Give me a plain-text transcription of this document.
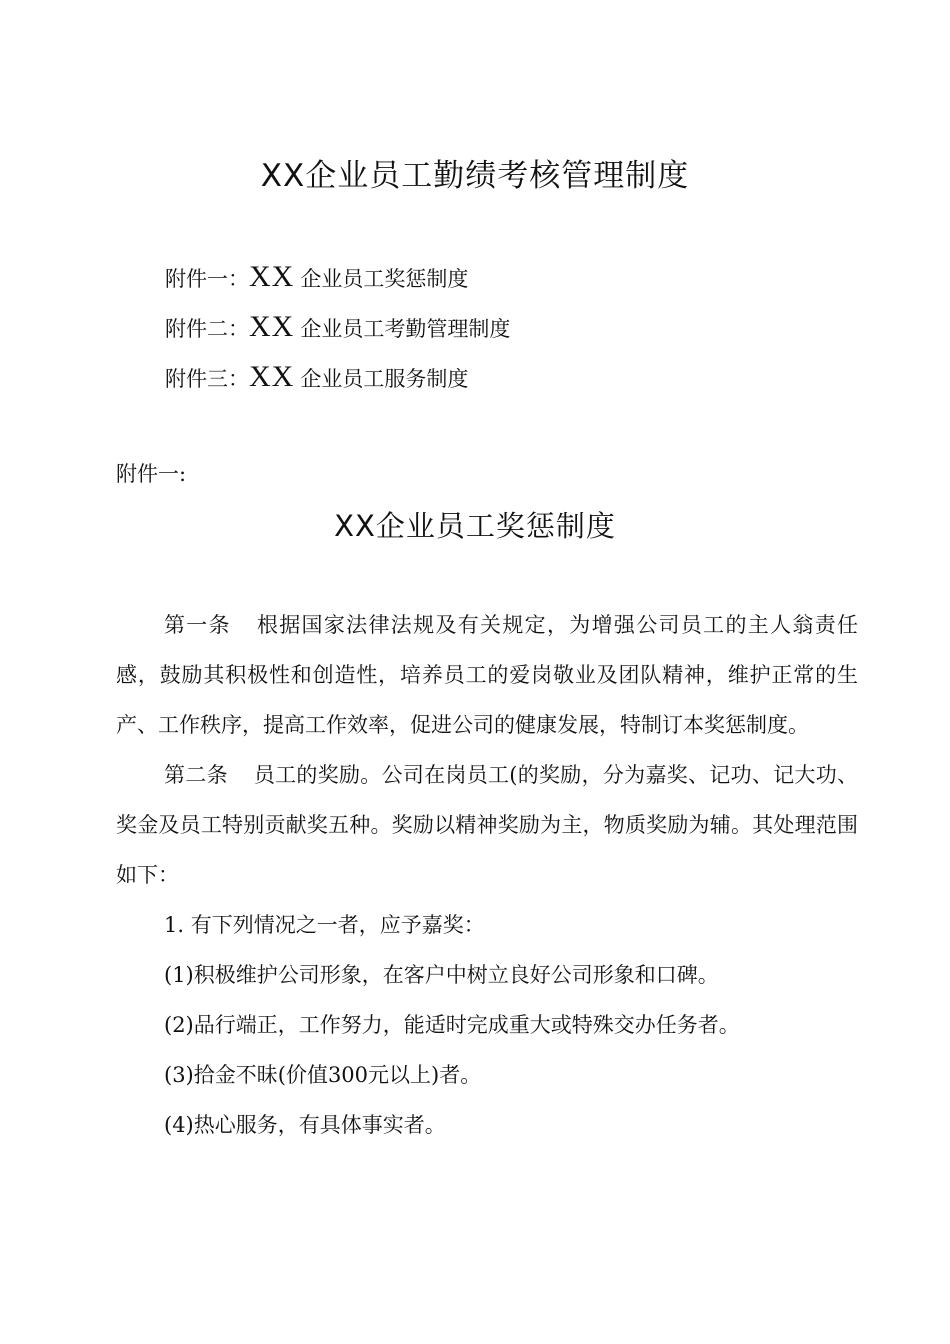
XX企业员工勤绩考核管理制度
附件一：XX 企业员工奖惩制度
附件二：XX 企业员工考勤管理制度
附件三：XX 企业员工服务制度
附件一:
XX企业员工奖惩制度

第一条 根据国家法律法规及有关规定，为增强公司员工的主人翁责任感，鼓励其积极性和创造性，培养员工的爱岗敬业及团队精神，维护正常的生产、工作秩序，提高工作效率，促进公司的健康发展，特制订本奖惩制度。

第二条 员工的奖励。公司在岗员工(的奖励，分为嘉奖、记功、记大功、奖金及员工特别贡献奖五种。奖励以精神奖励为主，物质奖励为辅。其处理范围如下：

1. 有下列情况之一者，应予嘉奖：

(1)积极维护公司形象，在客户中树立良好公司形象和口碑。

(2)品行端正，工作努力，能适时完成重大或特殊交办任务者。

(3)拾金不昧(价值300元以上)者。

(4)热心服务，有具体事实者。
